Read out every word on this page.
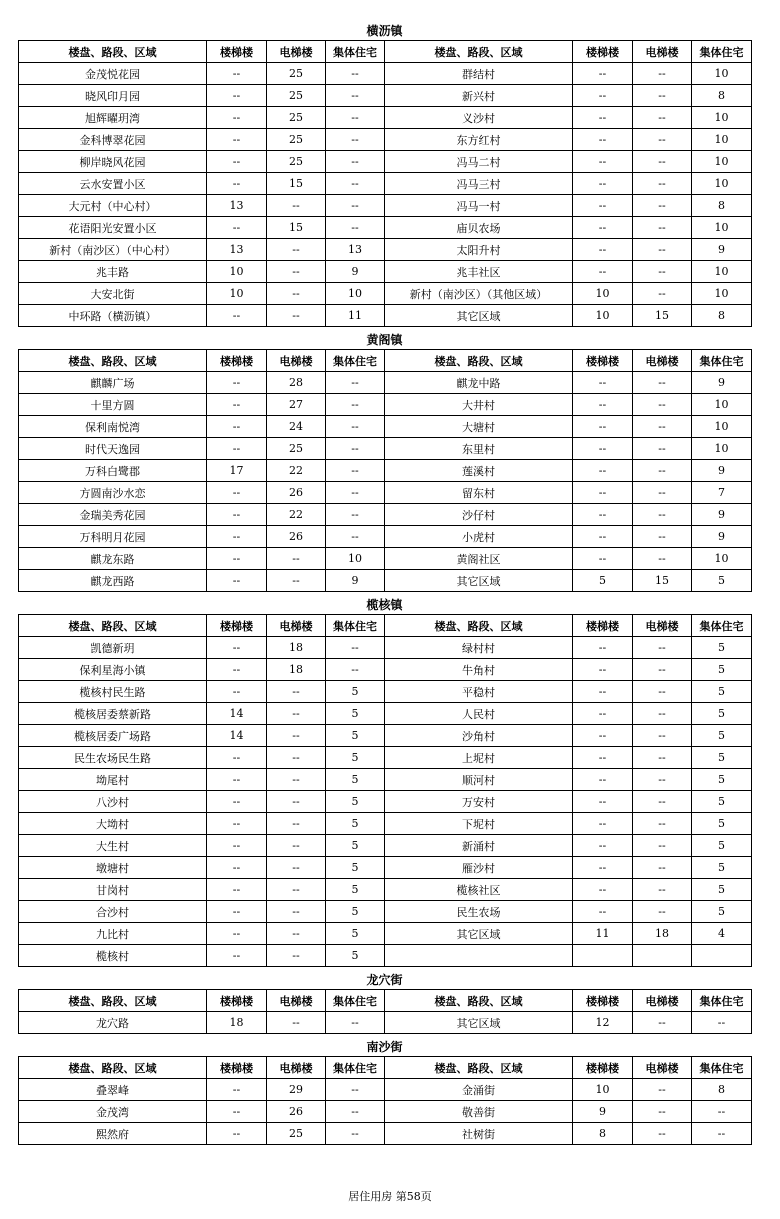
横沥镇
楼盘、路段、区域	楼梯楼	电梯楼	集体住宅	楼盘、路段、区域	楼梯楼	电梯楼	集体住宅
金茂悦花园	--	25	--	群结村	--	--	10
晓风印月园	--	25	--	新兴村	--	--	8
旭辉曜玥湾	--	25	--	义沙村	--	--	10
金科博翠花园	--	25	--	东方红村	--	--	10
柳岸晓风花园	--	25	--	冯马二村	--	--	10
云水安置小区	--	15	--	冯马三村	--	--	10
大元村（中心村）	13	--	--	冯马一村	--	--	8
花语阳光安置小区	--	15	--	庙贝农场	--	--	10
新村（南沙区）（中心村）	13	--	13	太阳升村	--	--	9
兆丰路	10	--	9	兆丰社区	--	--	10
大安北街	10	--	10	新村（南沙区）（其他区域）	10	--	10
中环路（横沥镇）	--	--	11	其它区域	10	15	8
黄阁镇
楼盘、路段、区域	楼梯楼	电梯楼	集体住宅	楼盘、路段、区域	楼梯楼	电梯楼	集体住宅
麒麟广场	--	28	--	麒龙中路	--	--	9
十里方圆	--	27	--	大井村	--	--	10
保利南悦湾	--	24	--	大塘村	--	--	10
时代天逸园	--	25	--	东里村	--	--	10
万科白鹭郡	17	22	--	莲溪村	--	--	9
方圆南沙水恋	--	26	--	留东村	--	--	7
金瑞美秀花园	--	22	--	沙仔村	--	--	9
万科明月花园	--	26	--	小虎村	--	--	9
麒龙东路	--	--	10	黄阁社区	--	--	10
麒龙西路	--	--	9	其它区域	5	15	5
榄核镇
楼盘、路段、区域	楼梯楼	电梯楼	集体住宅	楼盘、路段、区域	楼梯楼	电梯楼	集体住宅
凯德新玥	--	18	--	绿村村	--	--	5
保利星海小镇	--	18	--	牛角村	--	--	5
榄核村民生路	--	--	5	平稳村	--	--	5
榄核居委蔡新路	14	--	5	人民村	--	--	5
榄核居委广场路	14	--	5	沙角村	--	--	5
民生农场民生路	--	--	5	上坭村	--	--	5
坳尾村	--	--	5	顺河村	--	--	5
八沙村	--	--	5	万安村	--	--	5
大坳村	--	--	5	下坭村	--	--	5
大生村	--	--	5	新涌村	--	--	5
墩塘村	--	--	5	雁沙村	--	--	5
甘岗村	--	--	5	榄核社区	--	--	5
合沙村	--	--	5	民生农场	--	--	5
九比村	--	--	5	其它区域	11	18	4
榄核村	--	--	5				
龙穴街
楼盘、路段、区域	楼梯楼	电梯楼	集体住宅	楼盘、路段、区域	楼梯楼	电梯楼	集体住宅
龙穴路	18	--	--	其它区域	12	--	--
南沙街
楼盘、路段、区域	楼梯楼	电梯楼	集体住宅	楼盘、路段、区域	楼梯楼	电梯楼	集体住宅
叠翠峰	--	29	--	金涌街	10	--	8
金茂湾	--	26	--	敬善街	9	--	--
熙然府	--	25	--	社树街	8	--	--
居住用房 第58页
